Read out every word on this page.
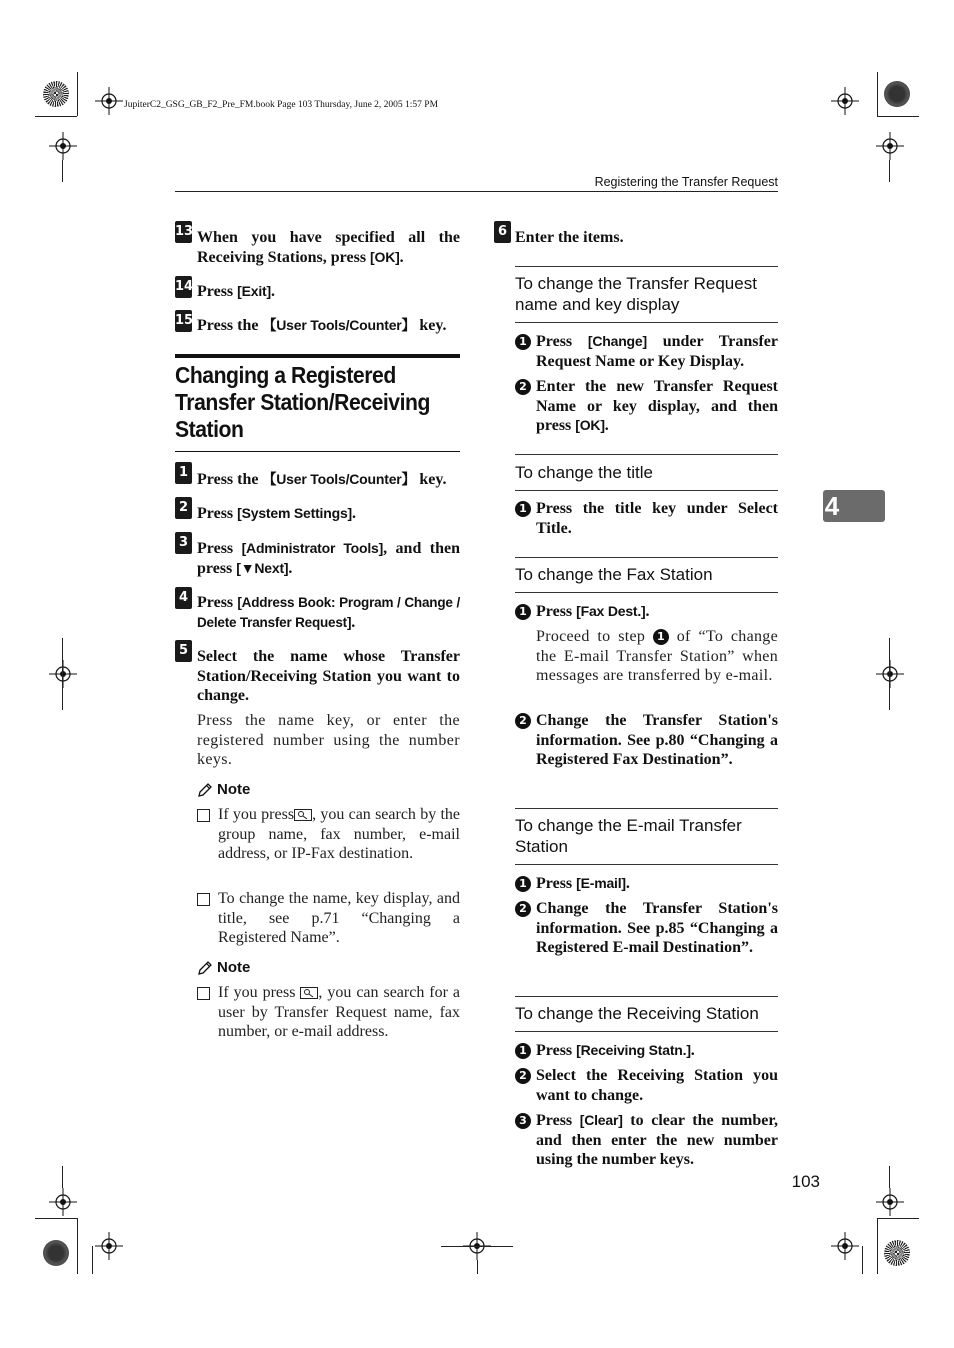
JupiterC2_GSG_GB_F2_Pre_FM.book Page 103 Thursday, June 2, 2005 1:57 PM
Registering the Transfer Request
13 When you have specified all the Receiving Stations, press [OK].
14 Press [Exit].
15 Press the 【User Tools/Counter】 key.
Changing a Registered Transfer Station/Receiving Station
1 Press the 【User Tools/Counter】 key.
2 Press [System Settings].
3 Press [Administrator Tools], and then press [▼Next].
4 Press [Address Book: Program / Change / Delete Transfer Request].
5 Select the name whose Transfer Station/Receiving Station you want to change.
Press the name key, or enter the registered number using the number keys.
Note
If you press , you can search by the group name, fax number, e-mail address, or IP-Fax destination.
To change the name, key display, and title, see p.71 “Changing a Registered Name”.
Note
If you press , you can search for a user by Transfer Request name, fax number, or e-mail address.
6 Enter the items.
To change the Transfer Request name and key display
1 Press [Change] under Transfer Request Name or Key Display.
2 Enter the new Transfer Request Name or key display, and then press [OK].
To change the title
1 Press the title key under Select Title.
To change the Fax Station
1 Press [Fax Dest.].
Proceed to step 1 of “To change the E-mail Transfer Station” when messages are transferred by e-mail.
2 Change the Transfer Station's information. See p.80 “Changing a Registered Fax Destination”.
To change the E-mail Transfer Station
1 Press [E-mail].
2 Change the Transfer Station's information. See p.85 “Changing a Registered E-mail Destination”.
To change the Receiving Station
1 Press [Receiving Statn.].
2 Select the Receiving Station you want to change.
3 Press [Clear] to clear the number, and then enter the new number using the number keys.
4
103
